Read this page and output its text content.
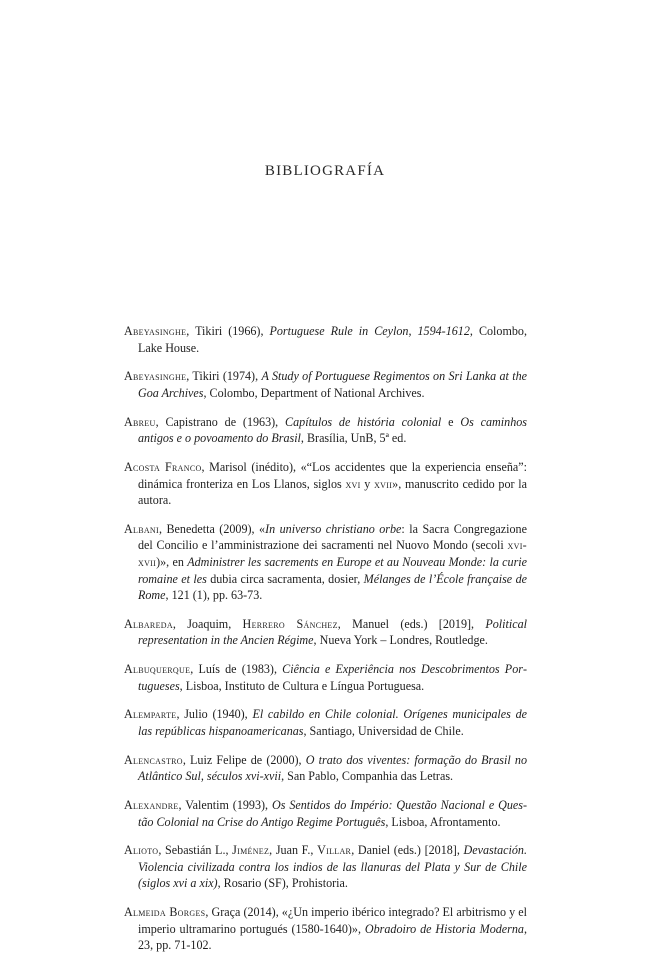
BIBLIOGRAFÍA

Abeyasinghe, Tikiri (1966), Portuguese Rule in Ceylon, 1594-1612, Colombo, Lake House.

Abeyasinghe, Tikiri (1974), A Study of Portuguese Regimentos on Sri Lanka at the Goa Archives, Colombo, Department of National Archives.

Abreu, Capistrano de (1963), Capítulos de história colonial e Os caminhos antigos e o povoamento do Brasil, Brasília, UnB, 5ª ed.

Acosta Franco, Marisol (inédito), «“Los accidentes que la experiencia enseña”: dinámica fronteriza en Los Llanos, siglos xvi y xvii», manuscrito cedido por la autora.

Albani, Benedetta (2009), «In universo christiano orbe: la Sacra Congregazione del Concilio e l’amministrazione dei sacramenti nel Nuovo Mondo (secoli xvi-xvii)», en Administrer les sacrements en Europe et au Nouveau Monde: la curie romaine et les dubia circa sacramenta, dosier, Mélanges de l’École française de Rome, 121 (1), pp. 63-73.

Albareda, Joaquim, Herrero Sánchez, Manuel (eds.) [2019], Political representation in the Ancien Régime, Nueva York – Londres, Routledge.

Albuquerque, Luís de (1983), Ciência e Experiência nos Descobrimentos Portugueses, Lisboa, Instituto de Cultura e Língua Portuguesa.

Alemparte, Julio (1940), El cabildo en Chile colonial. Orígenes municipales de las repúblicas hispanoamericanas, Santiago, Universidad de Chile.

Alencastro, Luiz Felipe de (2000), O trato dos viventes: formação do Brasil no Atlântico Sul, séculos xvi-xvii, San Pablo, Companhia das Letras.

Alexandre, Valentim (1993), Os Sentidos do Império: Questão Nacional e Questão Colonial na Crise do Antigo Regime Português, Lisboa, Afrontamento.

Alioto, Sebastián L., Jiménez, Juan F., Villar, Daniel (eds.) [2018], Devastación. Violencia civilizada contra los indios de las llanuras del Plata y Sur de Chile (siglos xvi a xix), Rosario (SF), Prohistoria.

Almeida Borges, Graça (2014), «¿Un imperio ibérico integrado? El arbitrismo y el imperio ultramarino portugués (1580-1640)», Obradoiro de Historia Moderna, 23, pp. 71-102.
